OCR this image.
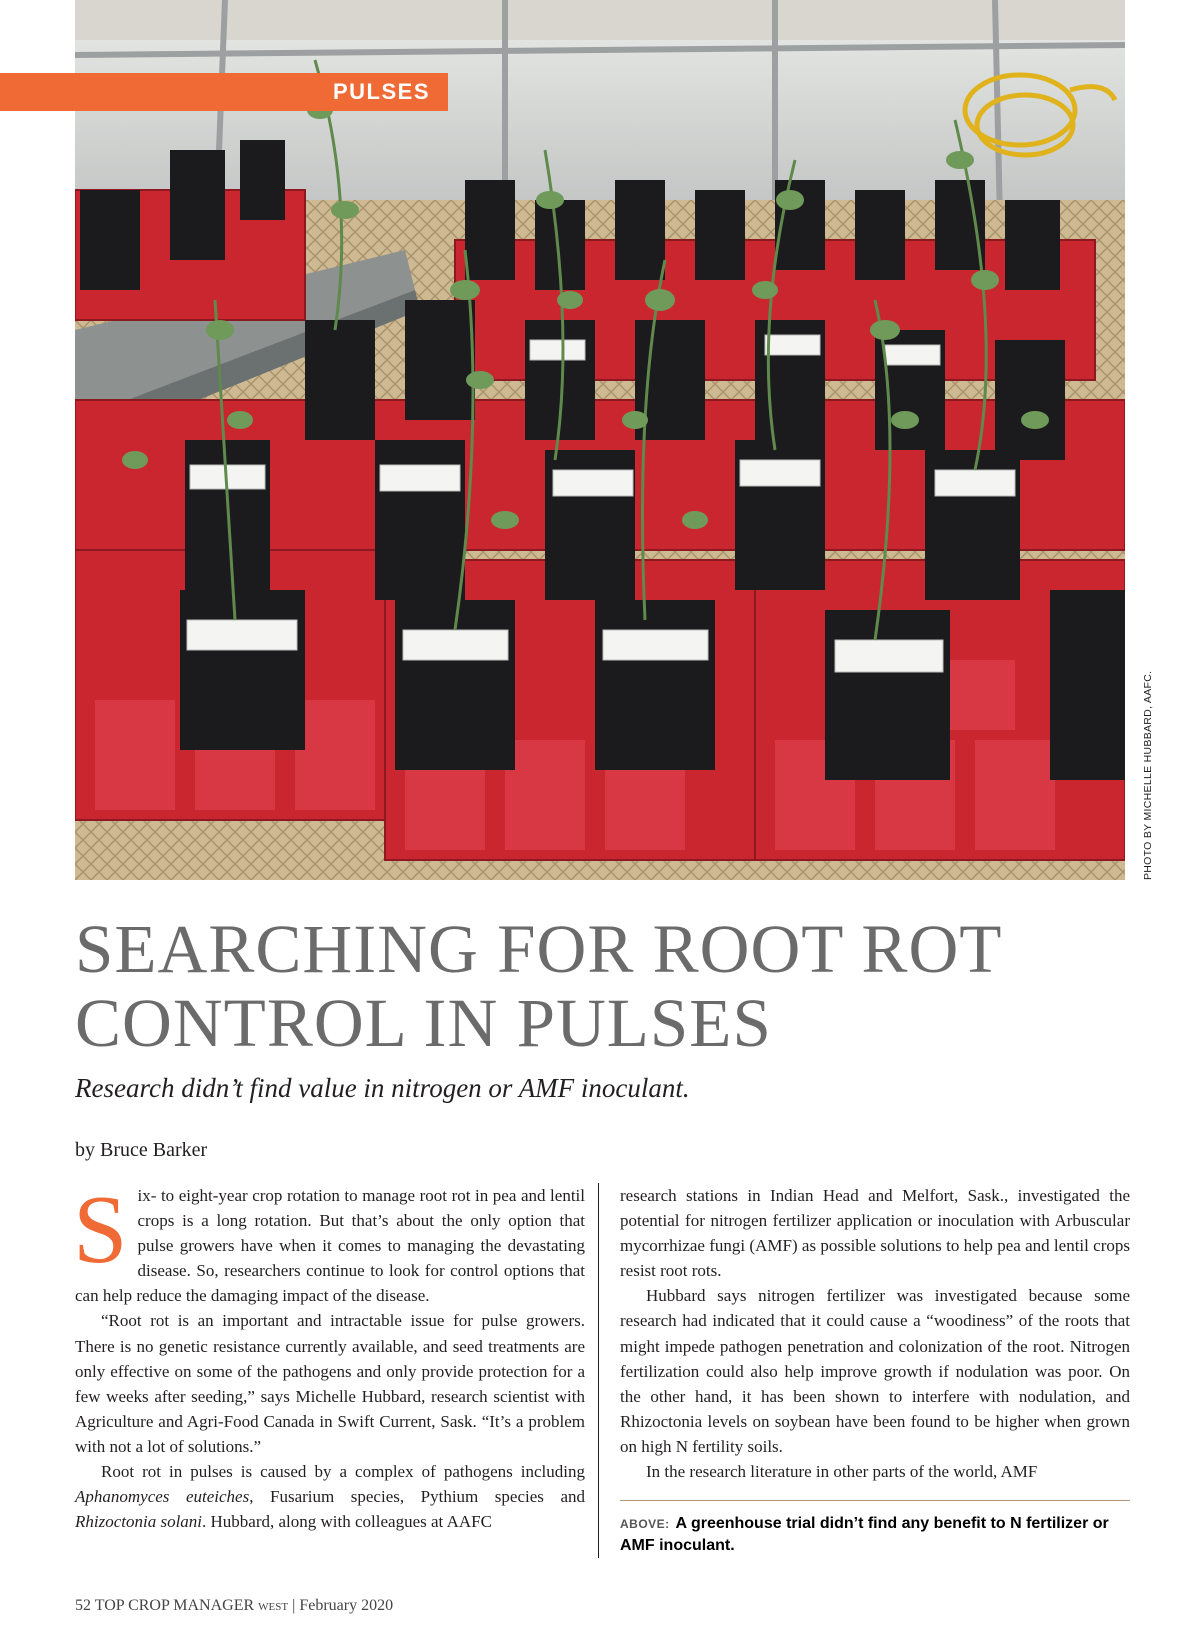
PULSES
PHOTO BY MICHELLE HUBBARD, AAFC.
SEARCHING FOR ROOT ROT
CONTROL IN PULSES

Research didn’t find value in nitrogen or AMF inoculant.

by Bruce Barker

Six- to eight-year crop rotation to manage root rot in pea and lentil crops is a long rotation. But that’s about the only option that pulse growers have when it comes to managing the devastating disease. So, researchers continue to look for control options that can help reduce the damaging impact of the disease.

“Root rot is an important and intractable issue for pulse growers. There is no genetic resistance currently available, and seed treatments are only effective on some of the pathogens and only provide protection for a few weeks after seeding,” says Michelle Hubbard, research scientist with Agriculture and Agri-Food Canada in Swift Current, Sask. “It’s a problem with not a lot of solutions.”

Root rot in pulses is caused by a complex of pathogens including Aphanomyces euteiches, Fusarium species, Pythium species and Rhizoctonia solani. Hubbard, along with colleagues at AAFC

research stations in Indian Head and Melfort, Sask., investigated the potential for nitrogen fertilizer application or inoculation with Arbuscular mycorrhizae fungi (AMF) as possible solutions to help pea and lentil crops resist root rots.

Hubbard says nitrogen fertilizer was investigated because some research had indicated that it could cause a “woodiness” of the roots that might impede pathogen penetration and colonization of the root. Nitrogen fertilization could also help improve growth if nodulation was poor. On the other hand, it has been shown to interfere with nodulation, and Rhizoctonia levels on soybean have been found to be higher when grown on high N fertility soils.

In the research literature in other parts of the world, AMF

ABOVE: A greenhouse trial didn’t find any benefit to N fertilizer or AMF inoculant.
52 TOP CROP MANAGER WEST | February 2020
